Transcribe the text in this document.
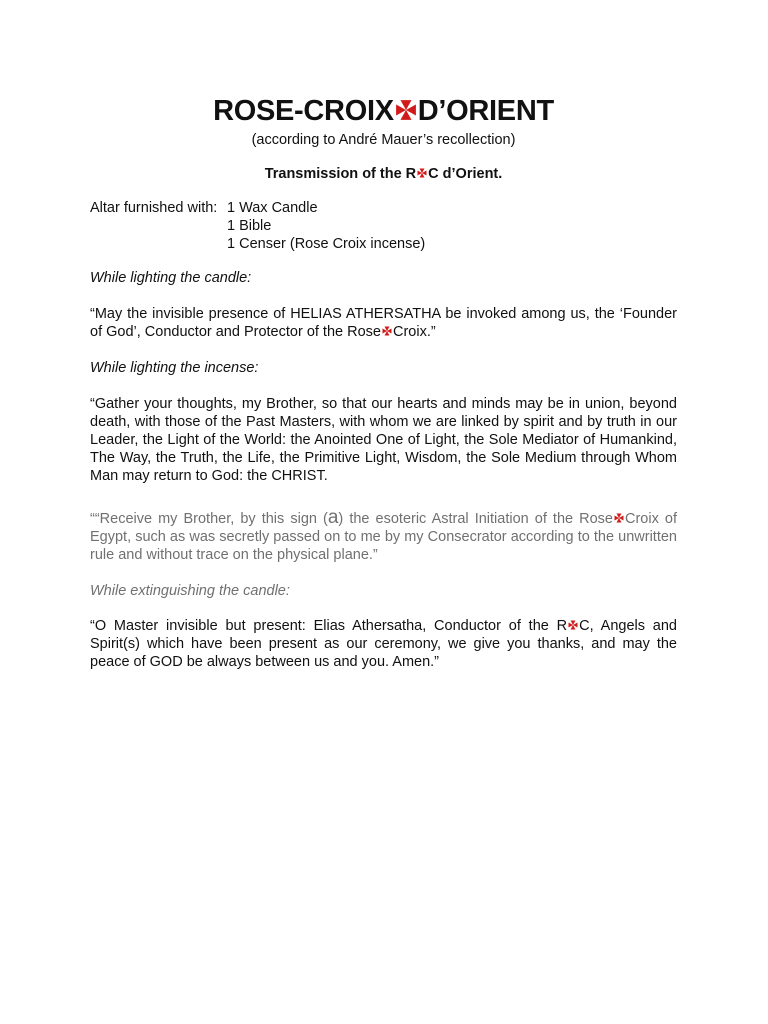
ROSE-CROIX D’ORIENT
(according to André Mauer’s recollection)
Transmission of the R C d’Orient.
Altar furnished with: 1 Wax Candle
1 Bible
1 Censer (Rose Croix incense)
While lighting the candle:
“May the invisible presence of HELIAS ATHERSATHA be invoked among us, the ‘Founder of God’, Conductor and Protector of the Rose Croix.”
While lighting the incense:
“Gather your thoughts, my Brother, so that our hearts and minds may be in union, beyond death, with those of the Past Masters, with whom we are linked by spirit and by truth in our Leader, the Light of the World: the Anointed One of Light, the Sole Mediator of Humankind, The Way, the Truth, the Life, the Primitive Light, Wisdom, the Sole Medium through Whom Man may return to God: the CHRIST.
““Receive my Brother, by this sign (a) the esoteric Astral Initiation of the Rose Croix of Egypt, such as was secretly passed on to me by my Consecrator according to the unwritten rule and without trace on the physical plane.”
While extinguishing the candle:
“O Master invisible but present: Elias Athersatha, Conductor of the R C, Angels and Spirit(s) which have been present as our ceremony, we give you thanks, and may the peace of GOD be always between us and you. Amen.”
